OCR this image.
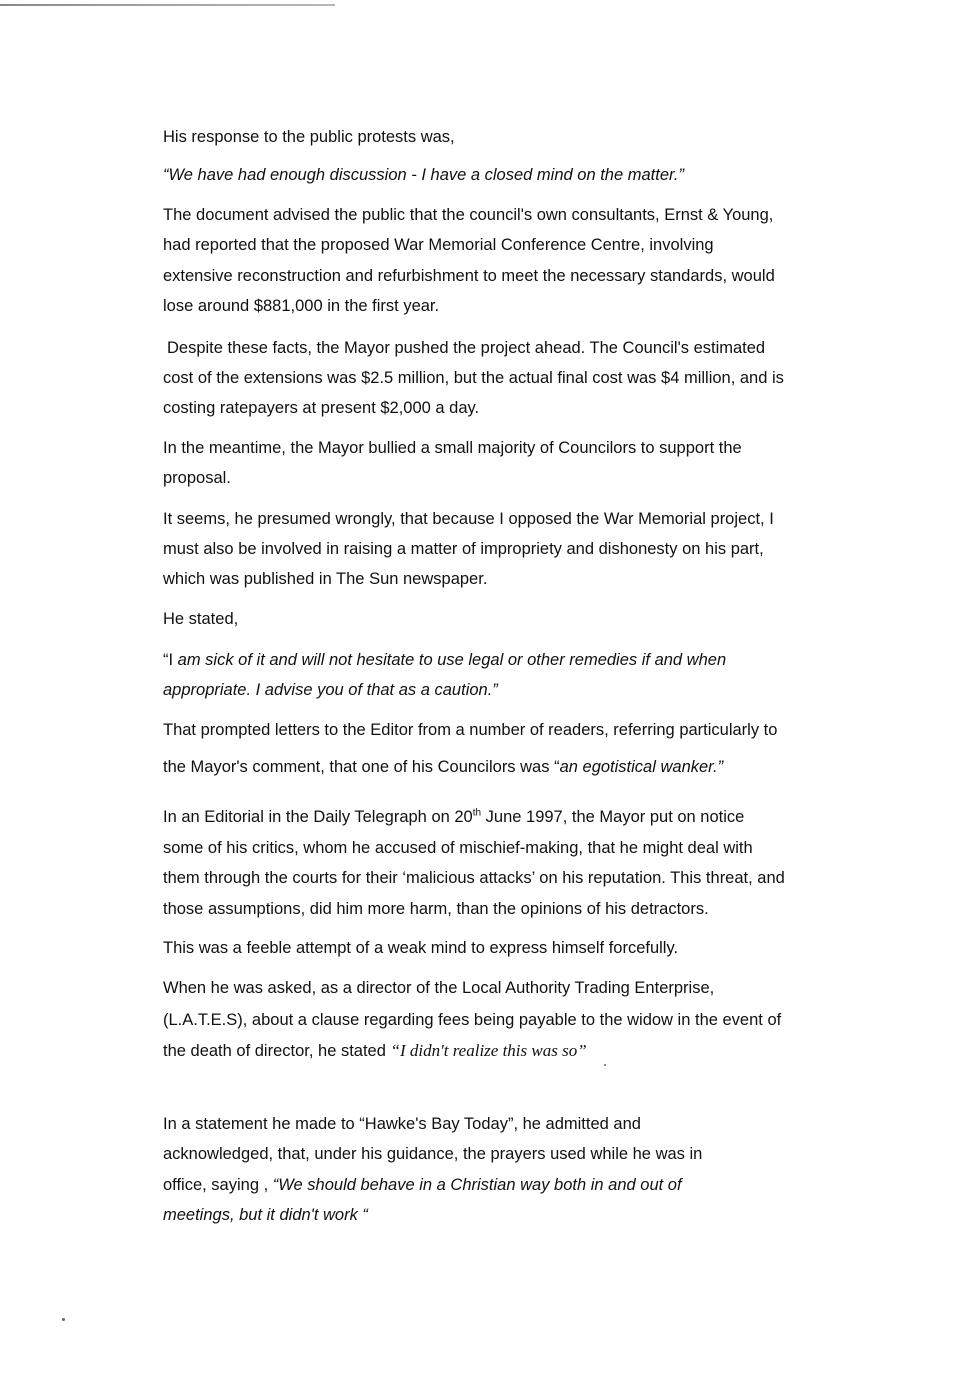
His response to the public protests was,
“We have had enough discussion - I have a closed mind on the matter.”
The document advised the public that the council's own consultants, Ernst & Young,
had reported that the proposed War Memorial Conference Centre, involving
extensive reconstruction and refurbishment to meet the necessary standards, would
lose around $881,000 in the first year.
Despite these facts, the Mayor pushed the project ahead. The Council's estimated
cost of the extensions was $2.5 million, but the actual final cost was $4 million, and is
costing ratepayers at present $2,000 a day.
In the meantime, the Mayor bullied a small majority of Councilors to support the
proposal.
It seems, he presumed wrongly, that because I opposed the War Memorial project, I
must also be involved in raising a matter of impropriety and dishonesty on his part,
which was published in The Sun newspaper.
He stated,
“I am sick of it and will not hesitate to use legal or other remedies if and when
appropriate. I advise you of that as a caution.”
That prompted letters to the Editor from a number of readers, referring particularly to
the Mayor's comment, that one of his Councilors was “an egotistical wanker.”
In an Editorial in the Daily Telegraph on 20th June 1997, the Mayor put on notice
some of his critics, whom he accused of mischief-making, that he might deal with
them through the courts for their ‘malicious attacks’ on his reputation. This threat, and
those assumptions, did him more harm, than the opinions of his detractors.
This was a feeble attempt of a weak mind to express himself forcefully.
When he was asked, as a director of the Local Authority Trading Enterprise,
(L.A.T.E.S), about a clause regarding fees being payable to the widow in the event of
the death of director, he stated “I didn't realize this was so”
In a statement he made to “Hawke's Bay Today”, he admitted and
acknowledged, that, under his guidance, the prayers used while he was in
office, saying , “We should behave in a Christian way both in and out of
meetings, but it didn't work “
